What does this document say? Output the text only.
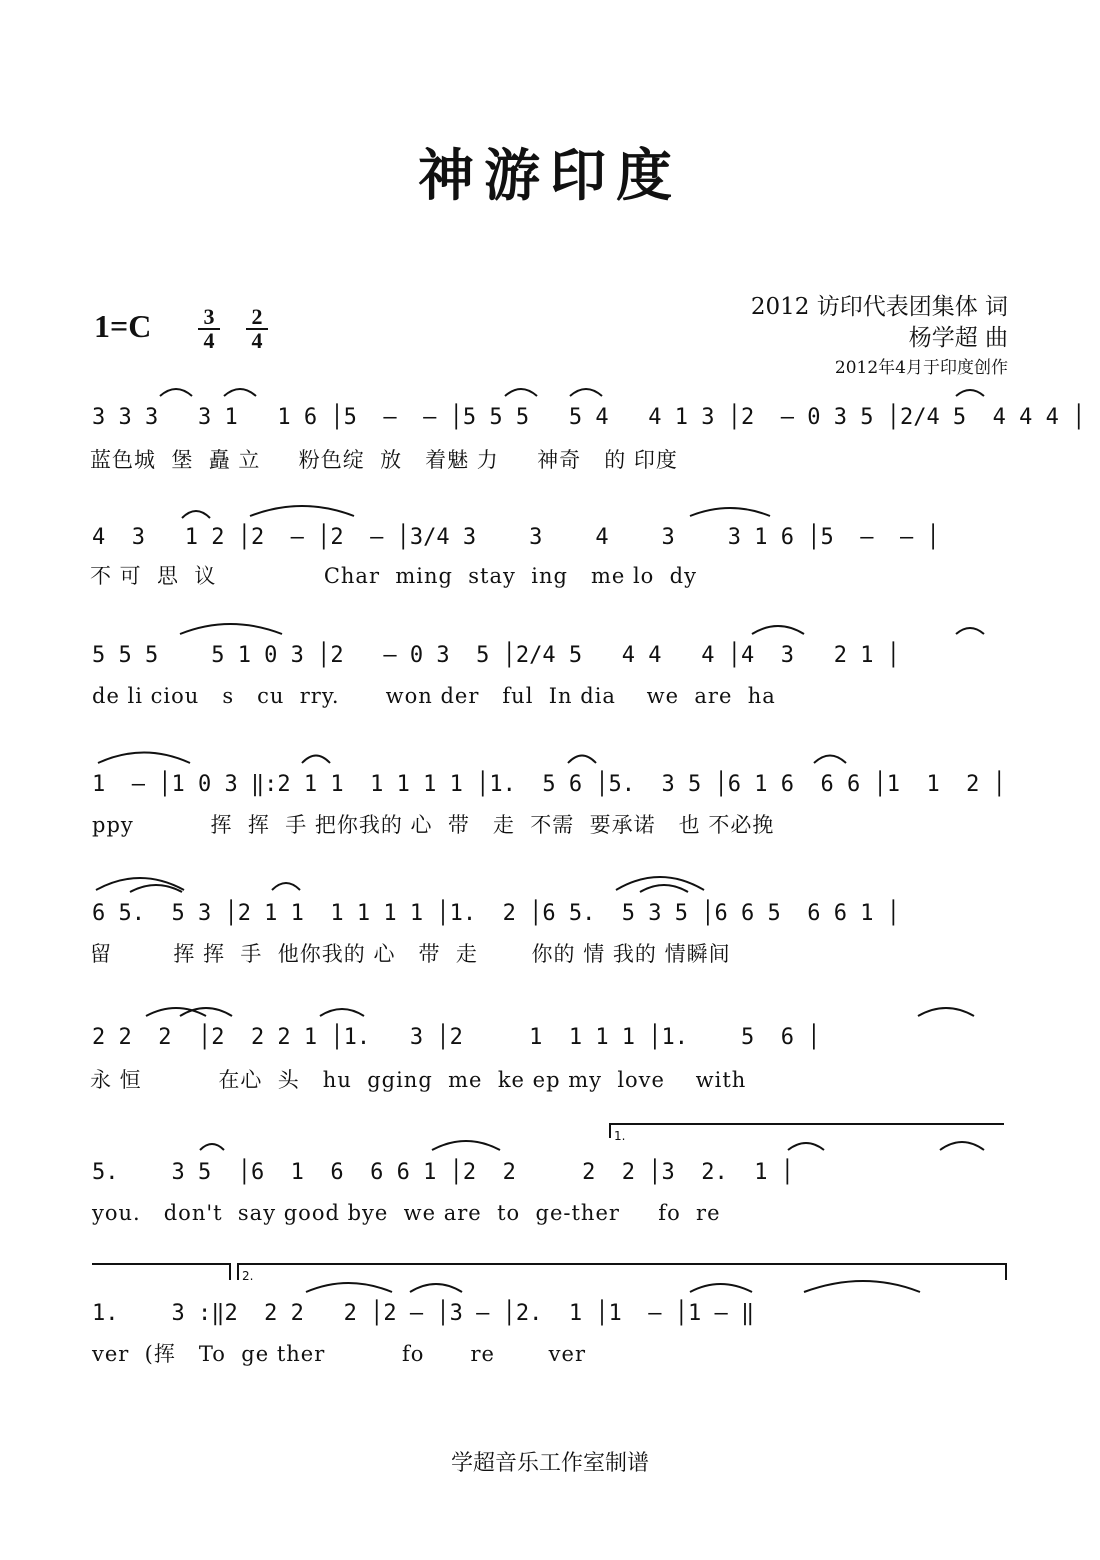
神游印度
1=C 3
4
2
4
2012 访印代表团集体 词
杨学超 曲
2012年4月于印度创作
3 3 3   3 1   1 6 │5  –  – │5 5 5   5 4   4 1 3 │2  – 0 3 5 │2/4 5  4 4 4 │
蓝色城  堡  矗 立     粉色绽  放   着魅 力     神奇   的 印度
4  3   1 2 │2  – │2  – │3/4 3    3    4    3    3 1 6 │5  –  – │
不 可  思  议              Char  ming  stay  ing   me lo  dy
5 5 5    5 1 0 3 │2   – 0 3  5 │2/4 5   4 4   4 │4  3   2 1 │
de li ciou   s   cu  rry.      won der   ful  In dia    we  are  ha
1  – │1 0 3 ‖:2 1 1  1 1 1 1 │1.  5 6 │5.  3 5 │6 1 6  6 6 │1  1  2 │
ppy          挥  挥  手 把你我的 心  带   走  不需  要承诺   也 不必挽
6 5.  5 3 │2 1 1  1 1 1 1 │1.  2 │6 5.  5 3 5 │6 6 5  6 6 1 │
留        挥 挥  手  他你我的 心   带  走       你的 情 我的 情瞬间
2 2  2  │2  2 2 1 │1.   3 │2     1  1 1 1 │1.    5  6 │
永 恒          在心  头   hu  gging  me  ke ep my  love    with
5.    3 5  │6  1  6  6 6 1 │2  2     2  2 │3  2.  1 │
you.   don't  say good bye  we are  to  ge-ther     fo  re
1.    3 :‖2  2 2   2 │2 – │3 – │2.  1 │1  – │1 – ‖
ver  (挥   To  ge ther          fo      re       ver
1.
2.
学超音乐工作室制谱
